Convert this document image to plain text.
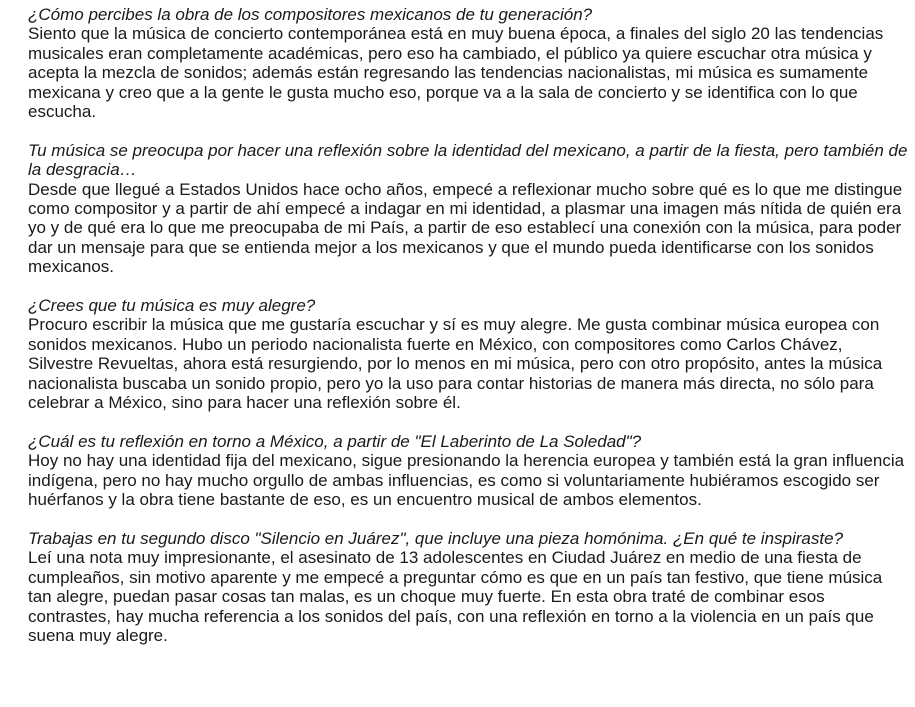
¿Cómo percibes la obra de los compositores mexicanos de tu generación?

Siento que la música de concierto contemporánea está en muy buena época, a finales del siglo 20 las tendencias musicales eran completamente académicas, pero eso ha cambiado, el público ya quiere escuchar otra música y acepta la mezcla de sonidos; además están regresando las tendencias nacionalistas, mi música es sumamente mexicana y creo que a la gente le gusta mucho eso, porque va a la sala de concierto y se identifica con lo que escucha.

Tu música se preocupa por hacer una reflexión sobre la identidad del mexicano, a partir de la fiesta, pero también de la desgracia…

Desde que llegué a Estados Unidos hace ocho años, empecé a reflexionar mucho sobre qué es lo que me distingue como compositor y a partir de ahí empecé a indagar en mi identidad, a plasmar una imagen más nítida de quién era yo y de qué era lo que me preocupaba de mi País, a partir de eso establecí una conexión con la música, para poder dar un mensaje para que se entienda mejor a los mexicanos y que el mundo pueda identificarse con los sonidos mexicanos.

¿Crees que tu música es muy alegre?

Procuro escribir la música que me gustaría escuchar y sí es muy alegre. Me gusta combinar música europea con sonidos mexicanos. Hubo un periodo nacionalista fuerte en México, con compositores como Carlos Chávez, Silvestre Revueltas, ahora está resurgiendo, por lo menos en mi música, pero con otro propósito, antes la música nacionalista buscaba un sonido propio, pero yo la uso para contar historias de manera más directa, no sólo para celebrar a México, sino para hacer una reflexión sobre él.

¿Cuál es tu reflexión en torno a México, a partir de "El Laberinto de La Soledad"?

Hoy no hay una identidad fija del mexicano, sigue presionando la herencia europea y también está la gran influencia indígena, pero no hay mucho orgullo de ambas influencias, es como si voluntariamente hubiéramos escogido ser huérfanos y la obra tiene bastante de eso, es un encuentro musical de ambos elementos.

Trabajas en tu segundo disco "Silencio en Juárez", que incluye una pieza homónima. ¿En qué te inspiraste?

Leí una nota muy impresionante, el asesinato de 13 adolescentes en Ciudad Juárez en medio de una fiesta de cumpleaños, sin motivo aparente y me empecé a preguntar cómo es que en un país tan festivo, que tiene música tan alegre, puedan pasar cosas tan malas, es un choque muy fuerte. En esta obra traté de combinar esos contrastes, hay mucha referencia a los sonidos del país, con una reflexión en torno a la violencia en un país que suena muy alegre.
